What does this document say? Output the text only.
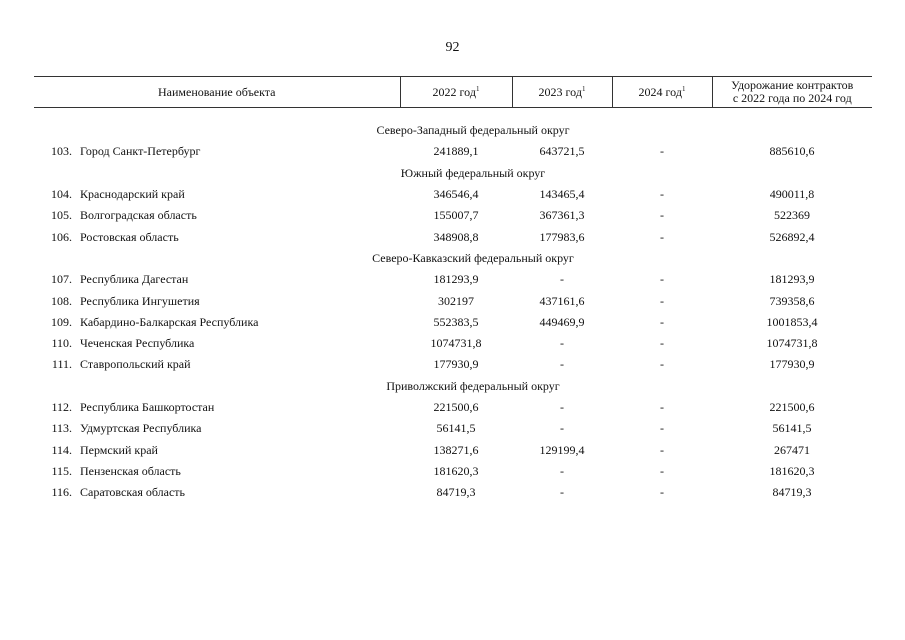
92
Наименование объекта		2022 год$^1$	2023 год$^1$	2024 год$^1$	Удорожание контрактов
с 2022 года по 2024 год

Северо-Западный федеральный округ					
103.	Город Санкт-Петербург	241889,1	643721,5	-	885610,6
Южный федеральный округ					
104.	Краснодарский край	346546,4	143465,4	-	490011,8
105.	Волгоградская область	155007,7	367361,3	-	522369
106.	Ростовская область	348908,8	177983,6	-	526892,4
Северо-Кавказский федеральный округ					
107.	Республика Дагестан	181293,9	-	-	181293,9
108.	Республика Ингушетия	302197	437161,6	-	739358,6
109.	Кабардино-Балкарская Республика	552383,5	449469,9	-	1001853,4
110.	Чеченская Республика	1074731,8	-	-	1074731,8
111.	Ставропольский край	177930,9	-	-	177930,9
Приволжский федеральный округ					
112.	Республика Башкортостан	221500,6	-	-	221500,6
113.	Удмуртская Республика	56141,5	-	-	56141,5
114.	Пермский край	138271,6	129199,4	-	267471
115.	Пензенская область	181620,3	-	-	181620,3
116.	Саратовская область	84719,3	-	-	84719,3
